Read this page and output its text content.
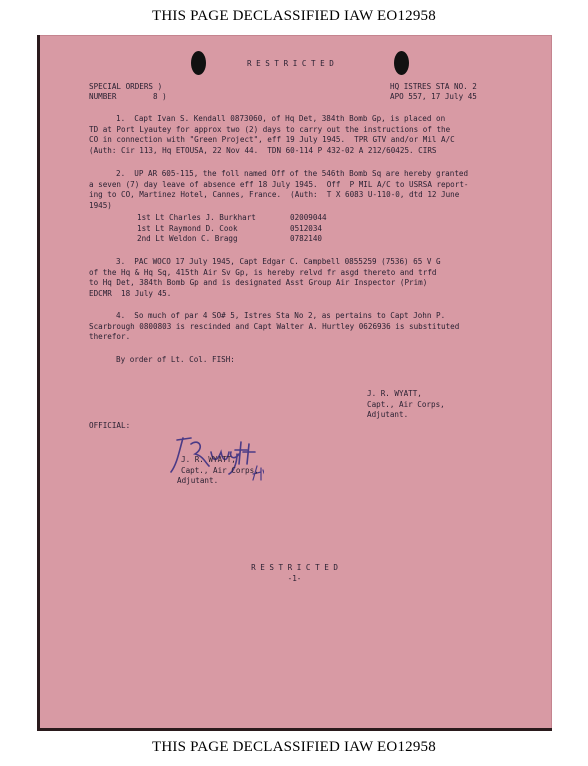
THIS PAGE DECLASSIFIED IAW EO12958
R E S T R I C T E D
SPECIAL ORDERS )
NUMBER        8 )
HQ ISTRES STA NO. 2
APO 557, 17 July 45
1.  Capt Ivan S. Kendall 0873060, of Hq Det, 384th Bomb Gp, is placed on
TD at Port Lyautey for approx two (2) days to carry out the instructions of the
CO in connection with "Green Project", eff 19 July 1945.  TPR GTV and/or Mil A/C
(Auth: Cir 113, Hq ETOUSA, 22 Nov 44.  TDN 60-114 P 432-02 A 212/60425. CIRS
2.  UP AR 605-115, the foll named Off of the 546th Bomb Sq are hereby granted
a seven (7) day leave of absence eff 18 July 1945.  Off  P MIL A/C to USRSA report-
ing to CO, Martinez Hotel, Cannes, France.  (Auth:  T X 6083 U-110-0, dtd 12 June
1945)
1st Lt Charles J. Burkhart	02009044
1st Lt Raymond D. Cook	0512034
2nd Lt Weldon C. Bragg	0782140
3.  PAC WOCO 17 July 1945, Capt Edgar C. Campbell 0855259 (7536) 65 V G
of the Hq & Hq Sq, 415th Air Sv Gp, is hereby relvd fr asgd thereto and trfd
to Hq Det, 384th Bomb Gp and is designated Asst Group Air Inspector (Prim)
EDCMR  18 July 45.
4.  So much of par 4 SO# 5, Istres Sta No 2, as pertains to Capt John P.
Scarbrough 0800803 is rescinded and Capt Walter A. Hurtley 0626936 is substituted
therefor.
By order of Lt. Col. FISH:
J. R. WYATT,
Capt., Air Corps,
Adjutant.
OFFICIAL:
J. R. WYATT,
Capt., Air Corps,
Adjutant.
R E S T R I C T E D
-1-
THIS PAGE DECLASSIFIED IAW EO12958
